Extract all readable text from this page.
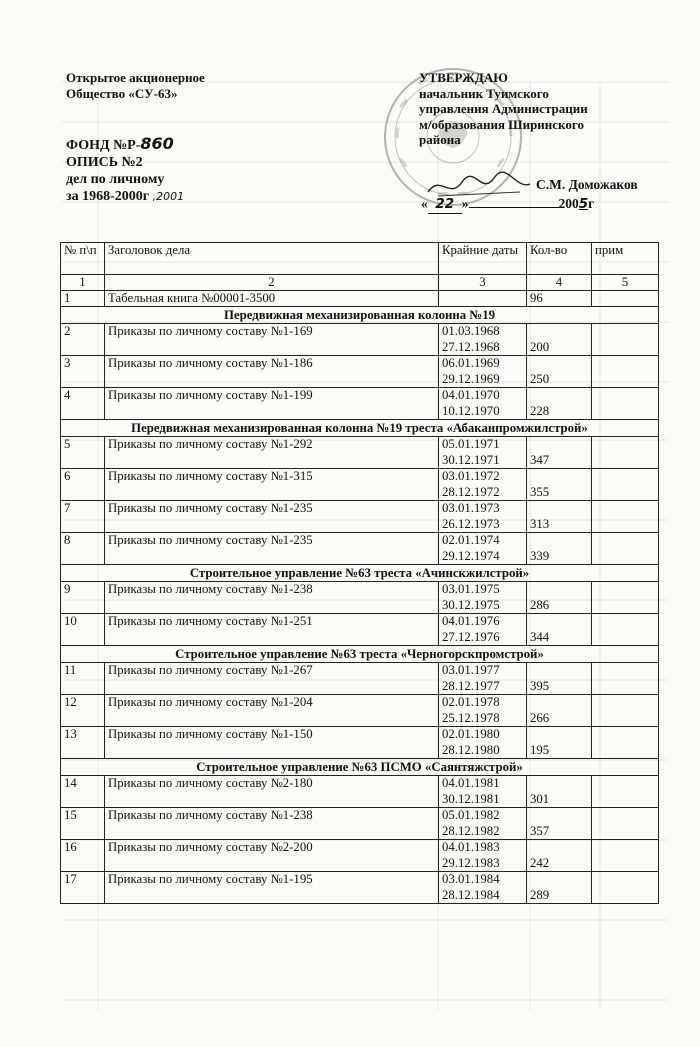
Открытое акционерное
Общество «СУ-63»
ФОНД №Р-860
ОПИСЬ №2
дел по личному
за 1968-2000г ,2001
УТВЕРЖДАЮ
начальник Туимского
управления Администрации
м/образования Ширинского
района
С.М. Доможаков
« 22 »	2005г
№ п\п	Заголовок дела	Крайние даты	Кол-во	прим
1	2	3	4	5
1	Табельная книга №00001-3500		96	
Передвижная механизированная колонна №19				
2	Приказы по личному составу №1-169	01.03.1968
27.12.1968	200	
3	Приказы по личному составу №1-186	06.01.1969
29.12.1969	250	
4	Приказы по личному составу №1-199	04.01.1970
10.12.1970	228	
Передвижная механизированная колонна №19 треста «Абаканпромжилстрой»				
5	Приказы по личному составу №1-292	05.01.1971
30.12.1971	347	
6	Приказы по личному составу №1-315	03.01.1972
28.12.1972	355	
7	Приказы по личному составу №1-235	03.01.1973
26.12.1973	313	
8	Приказы по личному составу №1-235	02.01.1974
29.12.1974	339	
Строительное управление №63 треста «Ачинскжилстрой»				
9	Приказы по личному составу №1-238	03.01.1975
30.12.1975	286	
10	Приказы по личному составу №1-251	04.01.1976
27.12.1976	344	
Строительное управление №63 треста «Черногорскпромстрой»				
11	Приказы по личному составу №1-267	03.01.1977
28.12.1977	395	
12	Приказы по личному составу №1-204	02.01.1978
25.12.1978	266	
13	Приказы по личному составу №1-150	02.01.1980
28.12.1980	195	
Строительное управление №63 ПСМО «Саянтяжстрой»				
14	Приказы по личному составу №2-180	04.01.1981
30.12.1981	301	
15	Приказы по личному составу №1-238	05.01.1982
28.12.1982	357	
16	Приказы по личному составу №2-200	04.01.1983
29.12.1983	242	
17	Приказы по личному составу №1-195	03.01.1984
28.12.1984	289	
